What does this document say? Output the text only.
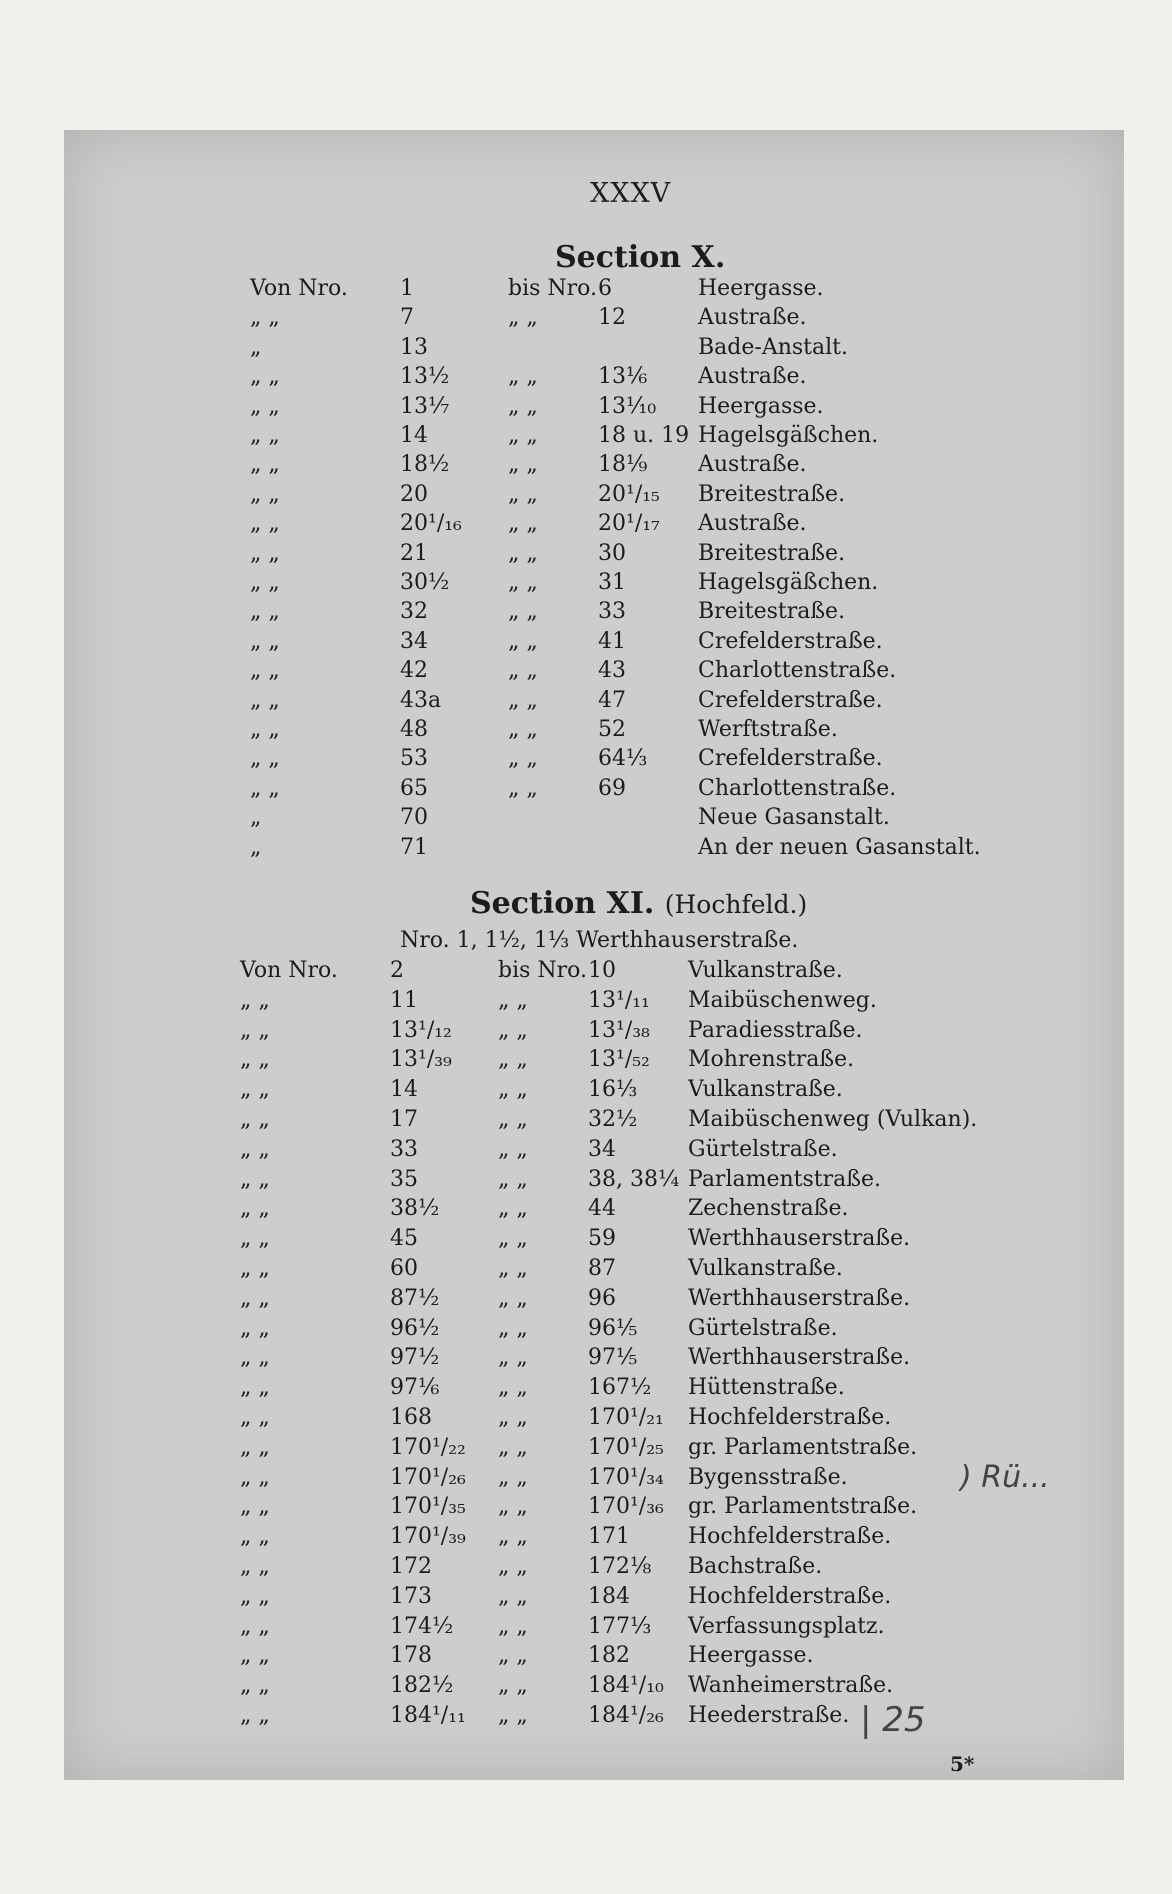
XXXV
Section X.
Von Nro. 1	bis Nro. 6	Heergasse.
„ „	7	„ „	12	Austraße.
„	13	Bade-Anstalt.
„ „	13½	„ „	13⅙ Austraße.
„ „	13⅐	„ „	13⅒ Heergasse.
„ „	14	„ „	18 u. 19 Hagelsgäßchen.
„ „	18½	„ „	18⅑ Austraße.
„ „	20	„ „	20¹/₁₅ Breitestraße.
„ „	20¹/₁₆ „ „	20¹/₁₇ Austraße.
„ „	21	„ „	30	Breitestraße.
„ „	30½	„ „	31	Hagelsgäßchen.
„ „	32	„ „	33	Breitestraße.
„ „	34	„ „	41	Crefelderstraße.
„ „	42	„ „	43	Charlottenstraße.
„ „	43a	„ „	47	Crefelderstraße.
„ „	48	„ „	52	Werftstraße.
„ „	53	„ „	64⅓ Crefelderstraße.
„ „	65	„ „	69	Charlottenstraße.
„	70	Neue Gasanstalt.
„	71	An der neuen Gasanstalt.
Section XI. (Hochfeld.)
Nro. 1, 1½, 1⅓ Werthhauserstraße.
Von Nro. 2	bis Nro. 10	Vulkanstraße.
„ „	11	„ „	13¹/₁₁ Maibüschenweg.
„ „	13¹/₁₂ „ „	13¹/₃₈ Paradiesstraße.
„ „	13¹/₃₉ „ „	13¹/₅₂ Mohrenstraße.
„ „	14	„ „	16⅓ Vulkanstraße.
„ „	17	„ „	32½ Maibüschenweg (Vulkan).
„ „	33	„ „	34	Gürtelstraße.
„ „	35	„ „	38, 38¼ Parlamentstraße.
„ „	38½	„ „	44	Zechenstraße.
„ „	45	„ „	59	Werthhauserstraße.
„ „	60	„ „	87	Vulkanstraße.
„ „	87½	„ „	96	Werthhauserstraße.
„ „	96½	„ „	96⅕ Gürtelstraße.
„ „	97½	„ „	97⅕ Werthhauserstraße.
„ „	97⅙	„ „	167½ Hüttenstraße.
„ „	168	„ „	170¹/₂₁ Hochfelderstraße.
„ „	170¹/₂₂ „ „	170¹/₂₅ gr. Parlamentstraße.
„ „	170¹/₂₆ „ „	170¹/₃₄ Bygensstraße.
„ „	170¹/₃₅ „ „	170¹/₃₆ gr. Parlamentstraße.
„ „	170¹/₃₉ „ „	171	Hochfelderstraße.
„ „	172	„ „	172⅛ Bachstraße.
„ „	173	„ „	184	Hochfelderstraße.
„ „	174½ „ „	177⅓ Verfassungsplatz.
„ „	178	„ „	182	Heergasse.
„ „	182½ „ „	184¹/₁₀ Wanheimerstraße.
„ „	184¹/₁₁ „ „	184¹/₂₆ Heederstraße.
) Rü...
| 25
5*
